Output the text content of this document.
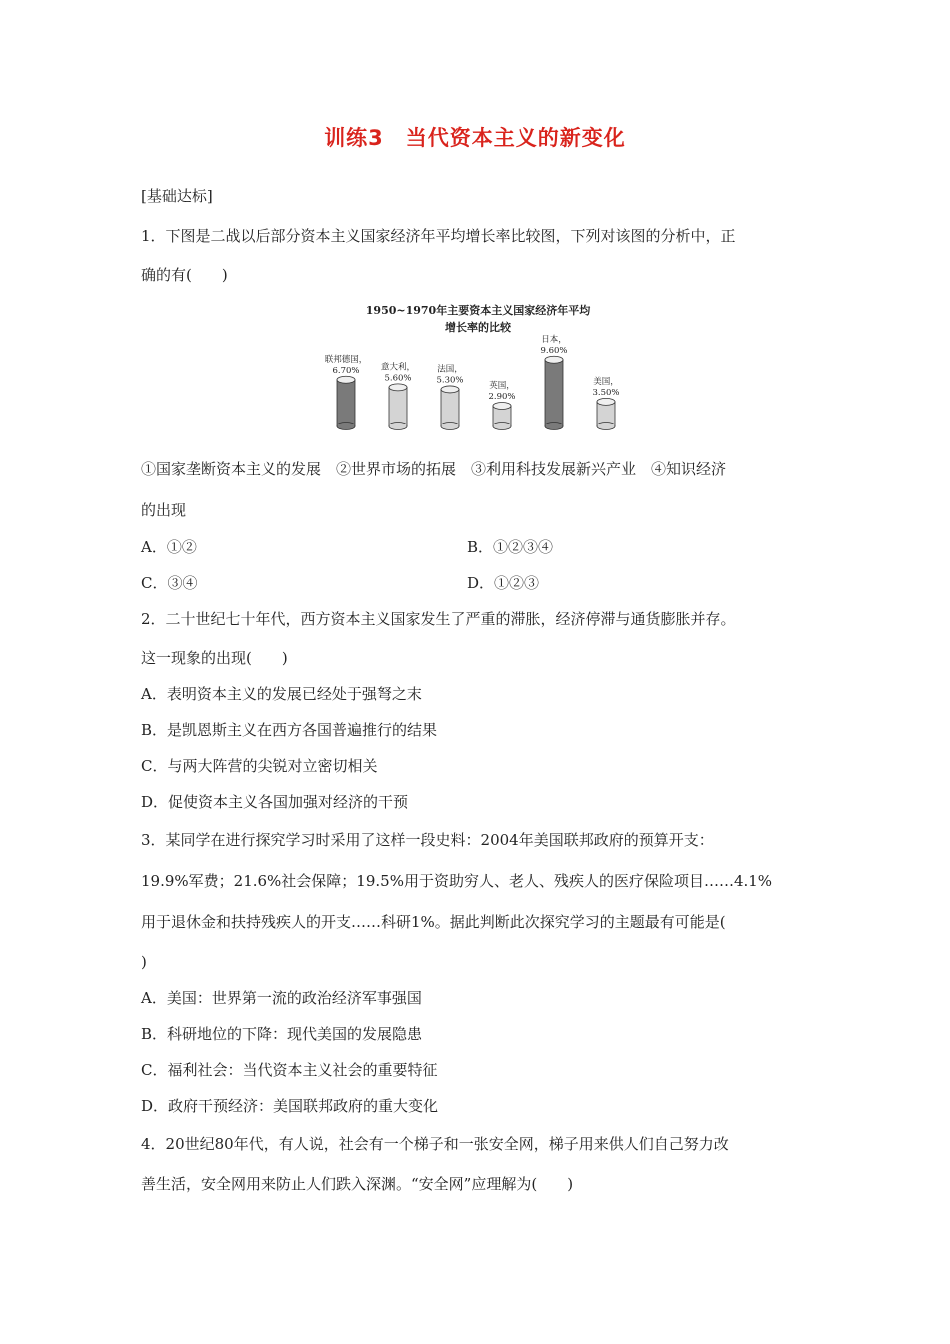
训练3　当代资本主义的新变化
[基础达标]
1．下图是二战以后部分资本主义国家经济年平均增长率比较图，下列对该图的分析中，正
确的有(　　)
1950~1970年主要资本主义国家经济年平均
增长率的比较
联邦德国，
6.70%	意大利，
5.60%
法国，
5.30%
英国，
2.90%
日本，
9.60%
美国，
3.50%
①国家垄断资本主义的发展　②世界市场的拓展　③利用科技发展新兴产业　④知识经济
的出现
A．①②	B．①②③④
C．③④	D．①②③
2．二十世纪七十年代，西方资本主义国家发生了严重的滞胀，经济停滞与通货膨胀并存。
这一现象的出现(　　)
A．表明资本主义的发展已经处于强弩之末
B．是凯恩斯主义在西方各国普遍推行的结果
C．与两大阵营的尖锐对立密切相关
D．促使资本主义各国加强对经济的干预
3．某同学在进行探究学习时采用了这样一段史料：2004年美国联邦政府的预算开支：
19.9%军费；21.6%社会保障；19.5%用于资助穷人、老人、残疾人的医疗保险项目……4.1%
用于退休金和扶持残疾人的开支……科研1%。据此判断此次探究学习的主题最有可能是(
)
A．美国：世界第一流的政治经济军事强国
B．科研地位的下降：现代美国的发展隐患
C．福利社会：当代资本主义社会的重要特征
D．政府干预经济：美国联邦政府的重大变化
4．20世纪80年代，有人说，社会有一个梯子和一张安全网，梯子用来供人们自己努力改
善生活，安全网用来防止人们跌入深渊。“安全网”应理解为(　　)
